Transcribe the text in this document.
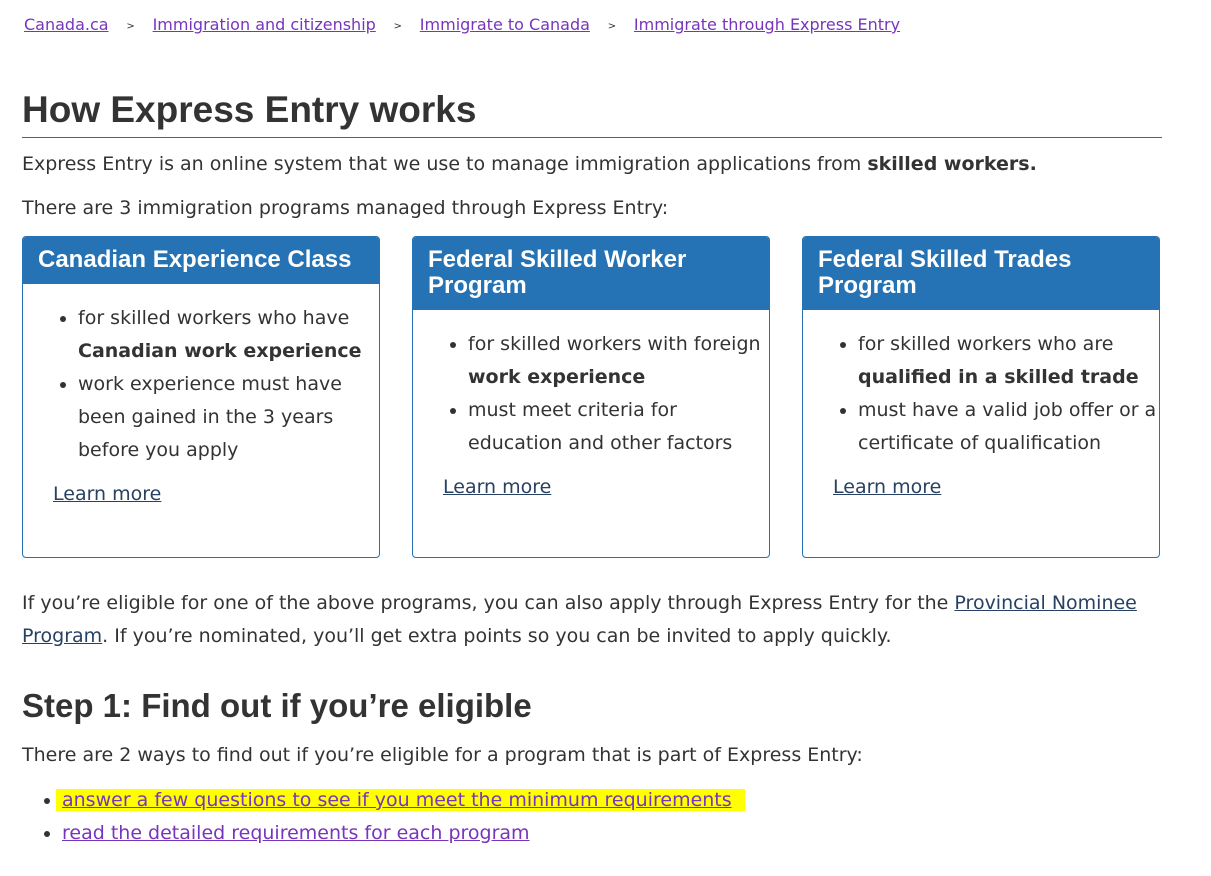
Canada.ca > Immigration and citizenship > Immigrate to Canada > Immigrate through Express Entry
How Express Entry works

Express Entry is an online system that we use to manage immigration applications from skilled workers.

There are 3 immigration programs managed through Express Entry:

Canadian Experience Class
• for skilled workers who have Canadian work experience
• work experience must have been gained in the 3 years before you apply
Learn more
Federal Skilled Worker Program
• for skilled workers with foreign work experience
• must meet criteria for education and other factors
Learn more
Federal Skilled Trades Program
• for skilled workers who are qualified in a skilled trade
• must have a valid job offer or a certificate of qualification
Learn more

If you’re eligible for one of the above programs, you can also apply through Express Entry for the Provincial Nominee Program. If you’re nominated, you’ll get extra points so you can be invited to apply quickly.

Step 1: Find out if you’re eligible

There are 2 ways to find out if you’re eligible for a program that is part of Express Entry:

• answer a few questions to see if you meet the minimum requirements
• read the detailed requirements for each program
